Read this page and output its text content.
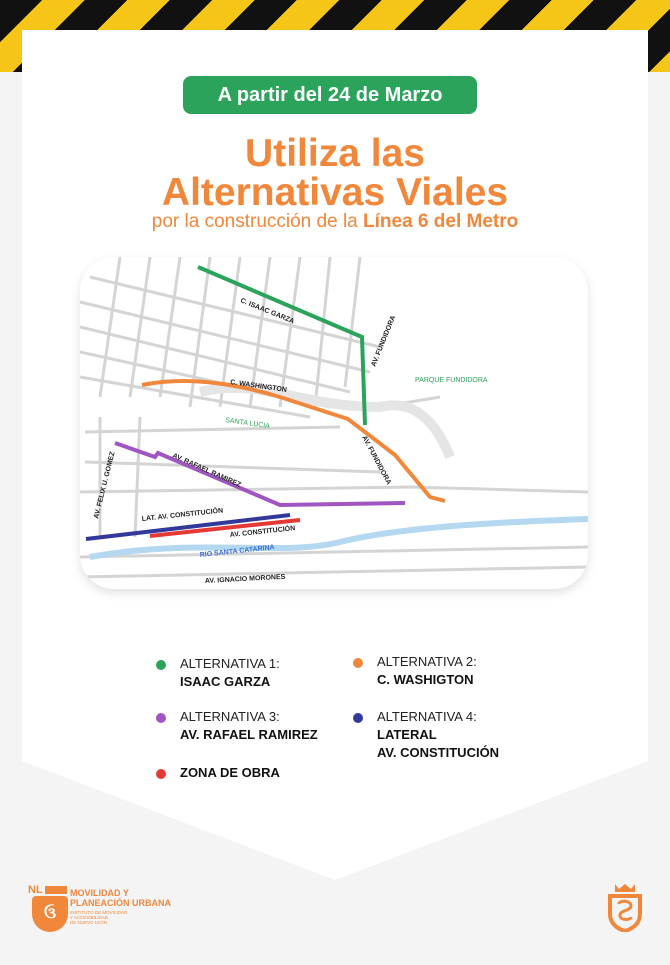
A partir del 24 de Marzo
Utiliza las
Alternativas Viales
por la construcción de la Línea 6 del Metro
C. ISAAC GARZA
AV. FUNDIDORA
C. WASHINGTON	PARQUE FUNDIDORA
SANTA LUCIA
AV. FUNDIDORA
AV. RAFAEL RAMIREZ
AV. FELIX U. GOMEZ	LAT. AV. CONSTITUCIÓN
AV. CONSTITUCIÓN
RIO SANTA CATARINA
AV. IGNACIO MORONES
ALTERNATIVA 1:
ISAAC GARZA
ALTERNATIVA 2:
C. WASHIGTON
ALTERNATIVA 3:
AV. RAFAEL RAMIREZ
ALTERNATIVA 4:
LATERAL
AV. CONSTITUCIÓN
ZONA DE OBRA
NL
ઉ
MOVILIDAD Y
PLANEACIÓN URBANA
INSTITUTO DE MOVILIDAD
Y ACCESIBILIDAD
DE NUEVO LEÓN
